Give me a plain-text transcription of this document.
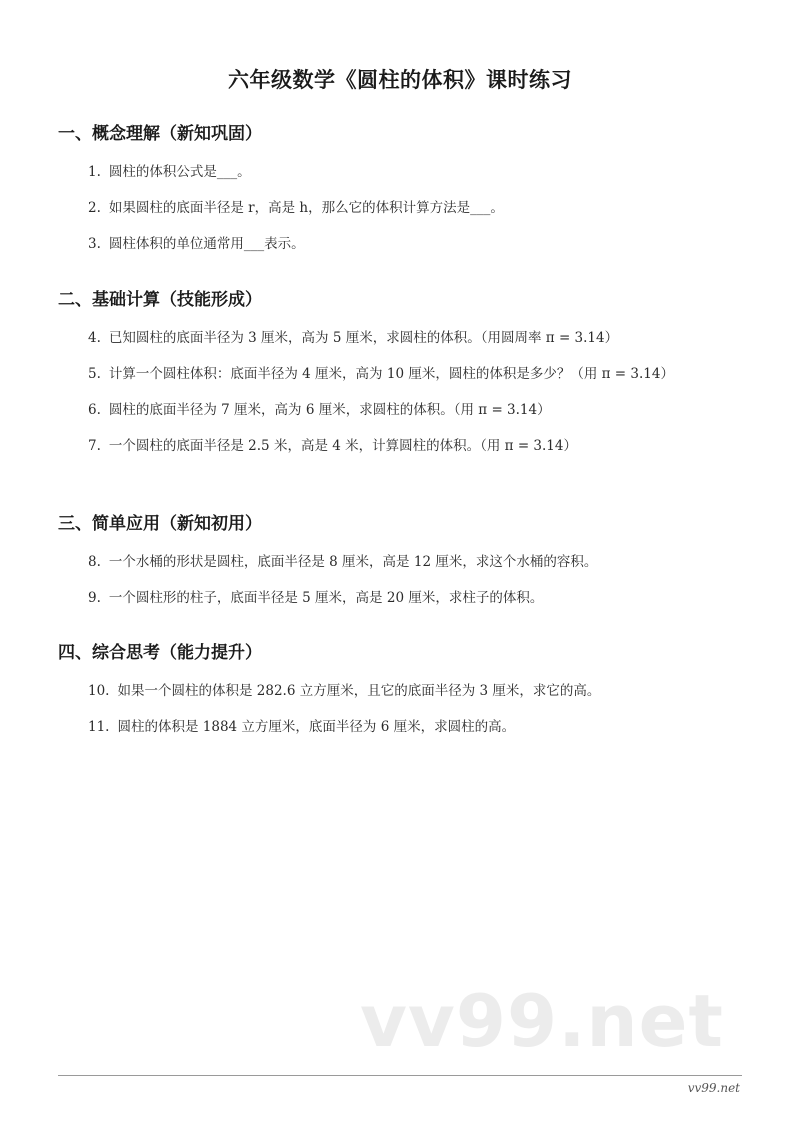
六年级数学《圆柱的体积》课时练习
一、概念理解（新知巩固）
1. 圆柱的体积公式是___。
2. 如果圆柱的底面半径是 r，高是 h，那么它的体积计算方法是___。
3. 圆柱体积的单位通常用___表示。
二、基础计算（技能形成）
4. 已知圆柱的底面半径为 3 厘米，高为 5 厘米，求圆柱的体积。（用圆周率 π = 3.14）
5. 计算一个圆柱体积：底面半径为 4 厘米，高为 10 厘米，圆柱的体积是多少？（用 π = 3.14）
6. 圆柱的底面半径为 7 厘米，高为 6 厘米，求圆柱的体积。（用 π = 3.14）
7. 一个圆柱的底面半径是 2.5 米，高是 4 米，计算圆柱的体积。（用 π = 3.14）
三、简单应用（新知初用）
8. 一个水桶的形状是圆柱，底面半径是 8 厘米，高是 12 厘米，求这个水桶的容积。
9. 一个圆柱形的柱子，底面半径是 5 厘米，高是 20 厘米，求柱子的体积。
四、综合思考（能力提升）
10. 如果一个圆柱的体积是 282.6 立方厘米，且它的底面半径为 3 厘米，求它的高。
11. 圆柱的体积是 1884 立方厘米，底面半径为 6 厘米，求圆柱的高。
vv99.net
vv99.net
